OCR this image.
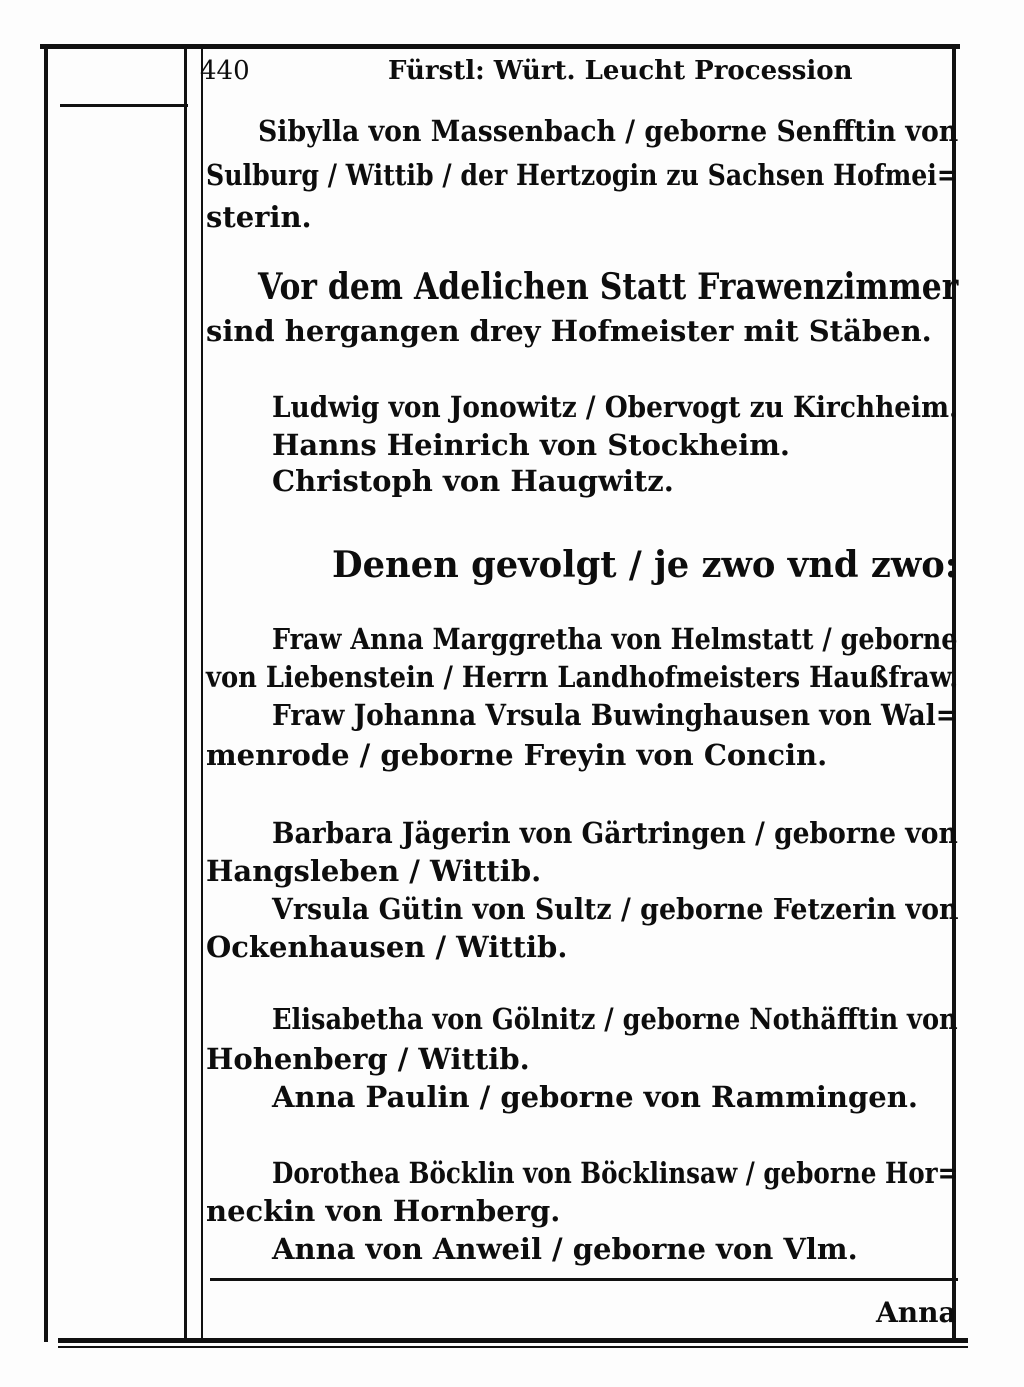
440	Fürstl: Würt. Leucht Procession
Sibylla von Massenbach / geborne Senfftin von
Sulburg / Wittib / der Hertzogin zu Sachsen Hofmei=
sterin.
Vor dem Adelichen Statt Frawenzimmer
sind hergangen drey Hofmeister mit Stäben.
Ludwig von Jonowitz / Obervogt zu Kirchheim.
Hanns Heinrich von Stockheim.
Christoph von Haugwitz.
Denen gevolgt / je zwo vnd zwo:
Fraw Anna Marggretha von Helmstatt / geborne
von Liebenstein / Herrn Landhofmeisters Haußfraw.
Fraw Johanna Vrsula Buwinghausen von Wal=
menrode / geborne Freyin von Concin.
Barbara Jägerin von Gärtringen / geborne von
Hangsleben / Wittib.
Vrsula Gütin von Sultz / geborne Fetzerin von
Ockenhausen / Wittib.
Elisabetha von Gölnitz / geborne Nothäfftin von
Hohenberg / Wittib.
Anna Paulin / geborne von Rammingen.
Dorothea Böcklin von Böcklinsaw / geborne Hor=
neckin von Hornberg.
Anna von Anweil / geborne von Vlm.
Anna
